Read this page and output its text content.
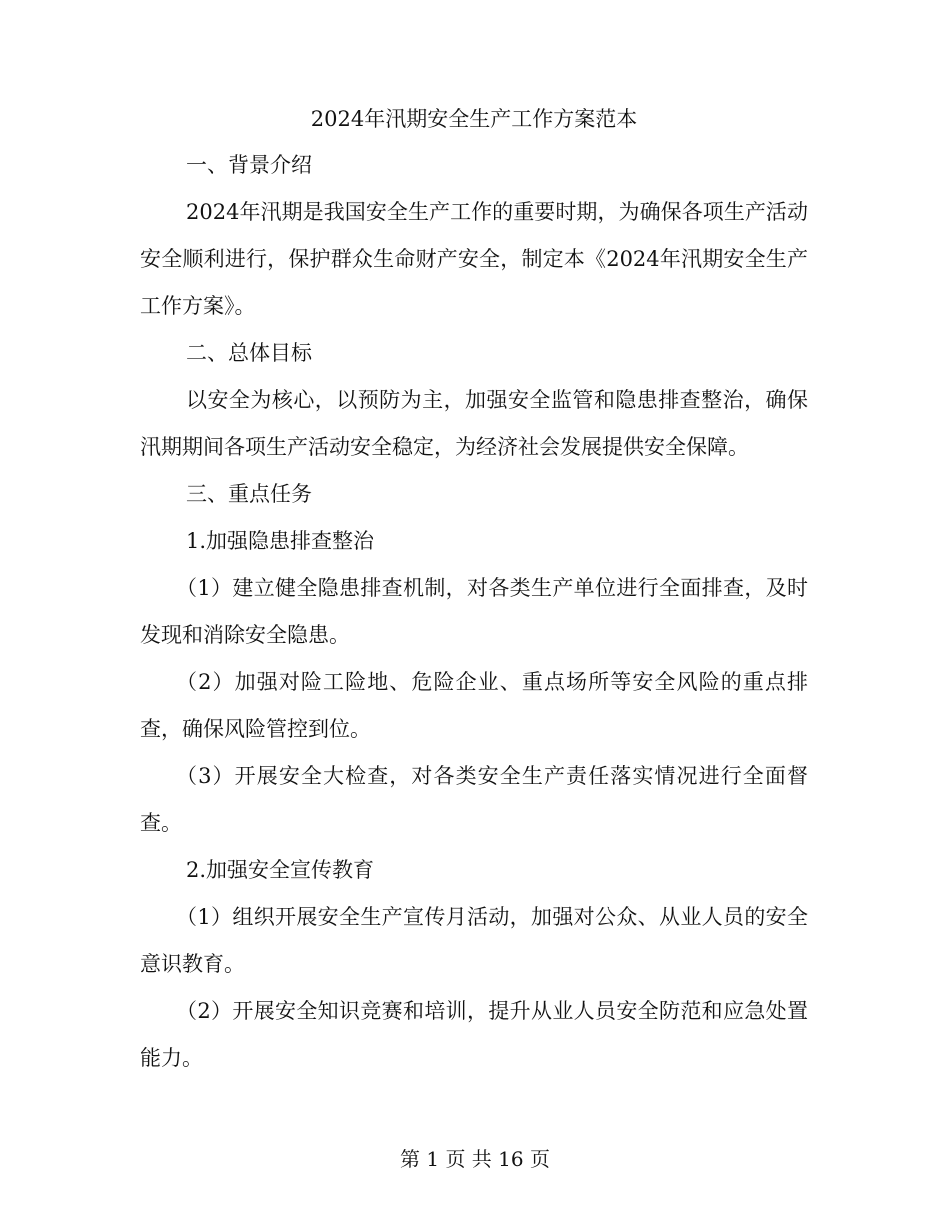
2024年汛期安全生产工作方案范本

一、背景介绍

2024年汛期是我国安全生产工作的重要时期，为确保各项生产活动安全顺利进行，保护群众生命财产安全，制定本《2024年汛期安全生产工作方案》。

二、总体目标

以安全为核心，以预防为主，加强安全监管和隐患排查整治，确保汛期期间各项生产活动安全稳定，为经济社会发展提供安全保障。

三、重点任务

1.加强隐患排查整治

（1）建立健全隐患排查机制，对各类生产单位进行全面排查，及时发现和消除安全隐患。

（2）加强对险工险地、危险企业、重点场所等安全风险的重点排查，确保风险管控到位。

（3）开展安全大检查，对各类安全生产责任落实情况进行全面督查。

2.加强安全宣传教育

（1）组织开展安全生产宣传月活动，加强对公众、从业人员的安全意识教育。

（2）开展安全知识竞赛和培训，提升从业人员安全防范和应急处置能力。

第 1 页 共 16 页
